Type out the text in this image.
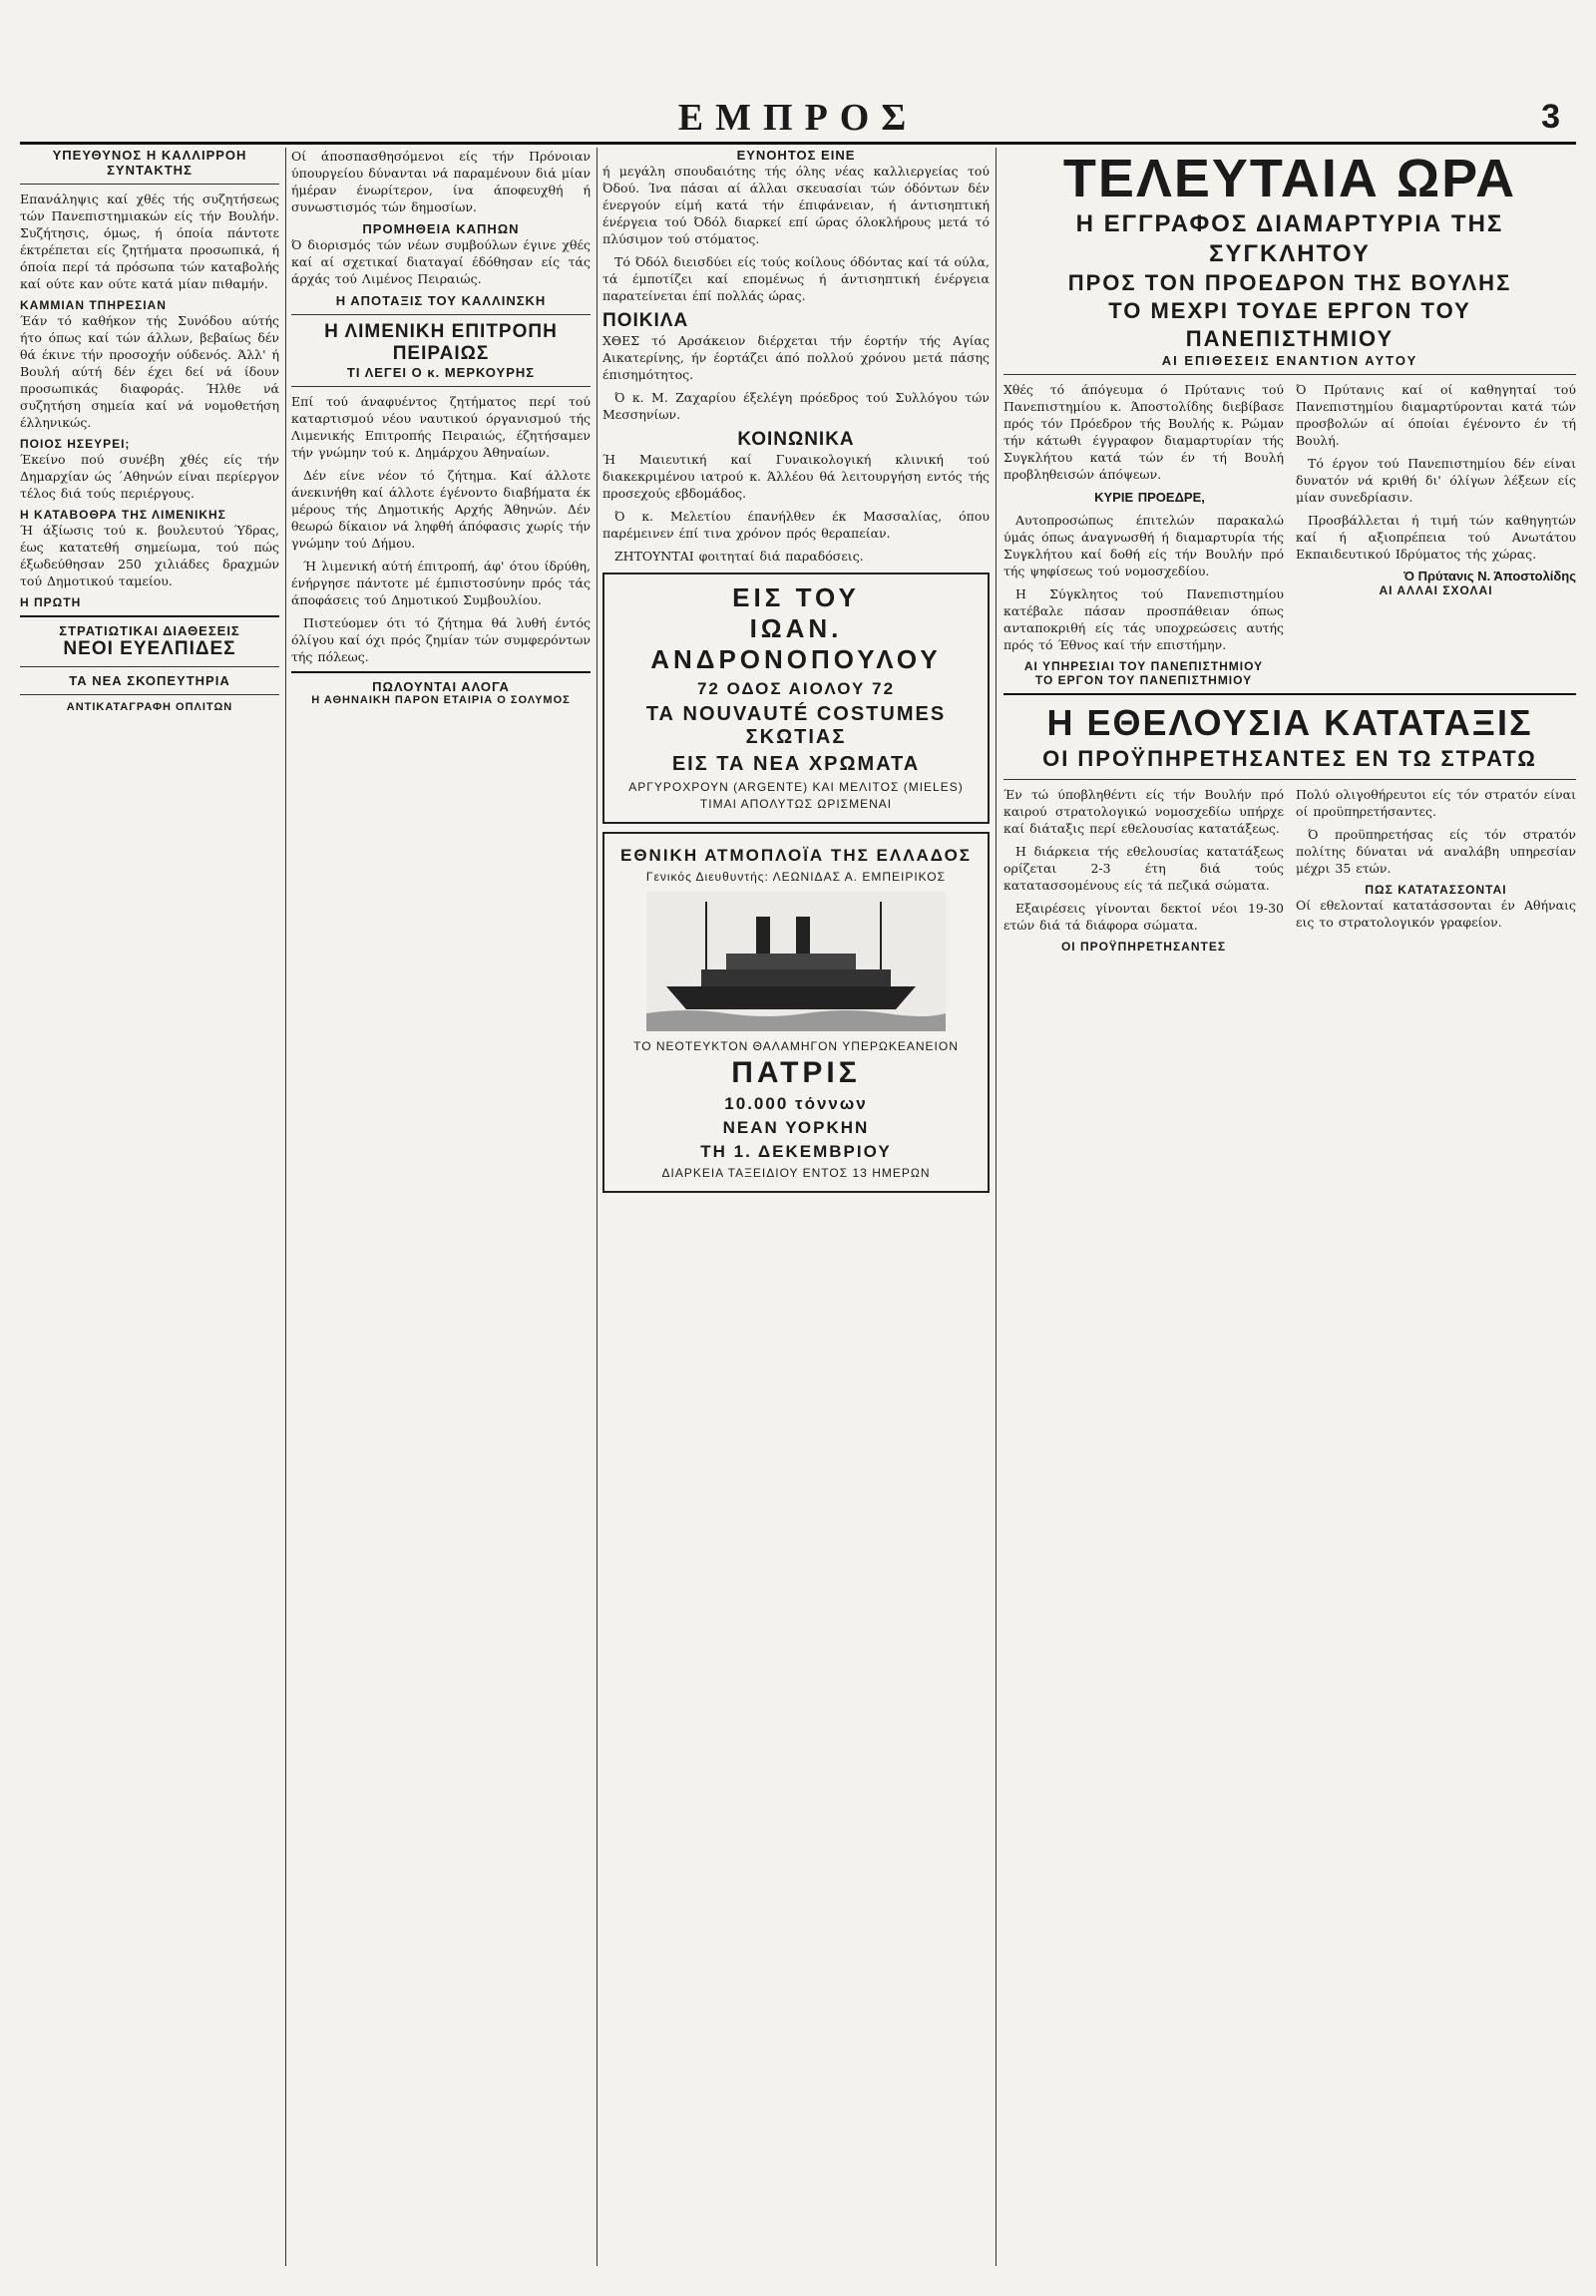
ΕΜΠΡΟΣ	3
ΥΠΕΥΘΥΝΟΣ Η ΚΑΛΛΙΡΡΟΗ ΣΥΝΤΑΚΤΗΣ

Επανάληψις καί χθές τής συζητήσεως τών Πανεπιστημιακών είς τήν Βουλήν. Συζήτησις, όμως, ή όποία πάντοτε έκτρέπεται είς ζητήματα προσωπικά, ή όποία περί τά πρόσωπα τών καταβολής καί ούτε καν ούτε κατά μίαν πιθαμήν.

ΚΑΜΜΙΑΝ ΤΠΗΡΕΣΙΑΝ

Έάν τό καθήκον τής Συνόδου αύτής ήτο όπως καί τών άλλων, βεβαίως δέν θά έκινε τήν προσοχήν ούδενός. Άλλ' ή Βουλή αύτή δέν έχει δεί νά ίδουν προσωπικάς διαφοράς. Ήλθε νά συζητήση σημεία καί νά νομοθετήση έλληνικώς.

ΠΟΙΟΣ ΗΣΕΥΡΕΙ;

Έκείνο πού συνέβη χθές είς τήν Δημαρχίαν ώς ΄Αθηνών είναι περίεργον τέλος διά τούς περιέργους.

Η ΚΑΤΑΒΟΘΡΑ ΤΗΣ ΛΙΜΕΝΙΚΗΣ

Ή άξίωσις τού κ. βουλευτού Ύδρας, έως κατατεθή σημείωμα, τού πώς έξωδεύθησαν 250 χιλιάδες δραχμών τού Δημοτικού ταμείου.

Η ΠΡΩΤΗ
ΣΤΡΑΤΙΩΤΙΚΑΙ ΔΙΑΘΕΣΕΙΣ
ΝΕΟΙ ΕΥΕΛΠΙΔΕΣ
ΤΑ ΝΕΑ ΣΚΟΠΕΥΤΗΡΙΑ
ΑΝΤΙΚΑΤΑΓΡΑΦΗ ΟΠΛΙΤΩΝ

Οί άποσπασθησόμενοι είς τήν Πρόνοιαν ύπουργείου δύνανται νά παραμένουν διά μίαν ήμέραν ένωρίτερον, ίνα άποφευχθή ή συνωστισμός τών δημοσίων.

ΠΡΟΜΗΘΕΙΑ ΚΑΠΗΩΝ

Ό διορισμός τών νέων συμβούλων έγινε χθές καί αί σχετικαί διαταγαί έδόθησαν είς τάς άρχάς τού Λιμένος Πειραιώς.

Η ΑΠΟΤΑΞΙΣ ΤΟΥ ΚΑΛΛΙΝΣΚΗ
Η ΛΙΜΕΝΙΚΗ ΕΠΙΤΡΟΠΗ ΠΕΙΡΑΙΩΣ
ΤΙ ΛΕΓΕΙ Ο κ. ΜΕΡΚΟΥΡΗΣ

Επί τού άναφυέντος ζητήματος περί τού καταρτισμού νέου ναυτικού όργανισμού τής Λιμενικής Επιτροπής Πειραιώς, έζητήσαμεν τήν γνώμην τού κ. Δημάρχου Άθηναίων.

Δέν είνε νέον τό ζήτημα. Καί άλλοτε άνεκινήθη καί άλλοτε έγένοντο διαβήματα έκ μέρους τής Δημοτικής Αρχής Άθηνών. Δέν θεωρώ δίκαιον νά ληφθή άπόφασις χωρίς τήν γνώμην τού Δήμου.

Ή λιμενική αύτή έπιτροπή, άφ' ότου ίδρύθη, ένήργησε πάντοτε μέ έμπιστοσύνην πρός τάς άποφάσεις τού Δημοτικού Συμβουλίου.

Πιστεύομεν ότι τό ζήτημα θά λυθή έντός όλίγου καί όχι πρός ζημίαν τών συμφερόντων τής πόλεως.

ΠΩΛΟΥΝΤΑΙ ΑΛΟΓΑ
Η ΑΘΗΝΑΙΚΗ ΠΑΡΟΝ ΕΤΑΙΡΙΑ Ο ΣΟΛΥΜΟΣ
ΕΥΝΟΗΤΟΣ ΕΙΝΕ

ή μεγάλη σπουδαιότης τής όλης νέας καλλιεργείας τού Όδού. Ίνα πάσαι αί άλλαι σκευασίαι τών όδόντων δέν ένεργούν είμή κατά τήν έπιφάνειαν, ή άντισηπτική ένέργεια τού Όδόλ διαρκεί επί ώρας όλοκλήρους μετά τό πλύσιμον τού στόματος.

Τό Όδόλ διεισδύει είς τούς κοίλους όδόντας καί τά ούλα, τά έμποτίζει καί επομένως ή άντισηπτική ένέργεια παρατείνεται έπί πολλάς ώρας.

ΠΟΙΚΙΛΑ

ΧΘΕΣ τό Αρσάκειον διέρχεται τήν έορτήν τής Αγίας Αικατερίνης, ήν έορτάζει άπό πολλού χρόνου μετά πάσης έπισημότητος.

Ό κ. Μ. Ζαχαρίου έξελέγη πρόεδρος τού Συλλόγου τών Μεσσηνίων.

ΚΟΙΝΩΝΙΚΑ

Ή Μαιευτική καί Γυναικολογική κλινική τού διακεκριμένου ιατρού κ. Άλλέου θά λειτουργήση εντός τής προσεχούς εβδομάδος.

Ό κ. Μελετίου έπανήλθεν έκ Μασσαλίας, όπου παρέμεινεν έπί τινα χρόνον πρός θεραπείαν.

ΖΗΤΟΥΝΤΑΙ φοιτηταί διά παραδόσεις.

ΕΙΣ ΤΟΥ
ΙΩΑΝ. ΑΝΔΡΟΝΟΠΟΥΛΟΥ
72 ΟΔΟΣ ΑΙΟΛΟΥ 72
ΤΑ NOUVAUTÉ COSTUMES ΣΚΩΤΙΑΣ
ΕΙΣ ΤΑ ΝΕΑ ΧΡΩΜΑΤΑ
ΑΡΓΥΡΟΧΡΟΥΝ (ARGENTE) ΚΑΙ ΜΕΛΙΤΟΣ (MIELES)
ΤΙΜΑΙ ΑΠΟΛΥΤΩΣ ΩΡΙΣΜΕΝΑΙ
ΕΘΝΙΚΗ ΑΤΜΟΠΛΟΪΑ ΤΗΣ ΕΛΛΑΔΟΣ
Γενικός Διευθυντής: ΛΕΩΝΙΔΑΣ Α. ΕΜΠΕΙΡΙΚΟΣ
ΤΟ ΝΕΟΤΕΥΚΤΟΝ ΘΑΛΑΜΗΓΟΝ ΥΠΕΡΩΚΕΑΝΕΙΟΝ
ΠΑΤΡΙΣ
10.000 τόννων
ΝΕΑΝ ΥΟΡΚΗΝ
ΤΗ 1. ΔΕΚΕΜΒΡΙΟΥ
ΔΙΑΡΚΕΙΑ ΤΑΞΕΙΔΙΟΥ ΕΝΤΟΣ 13 ΗΜΕΡΩΝ
ΤΕΛΕΥΤΑΙΑ ΩΡΑ
Η ΕΓΓΡΑΦΟΣ ΔΙΑΜΑΡΤΥΡΙΑ ΤΗΣ ΣΥΓΚΛΗΤΟΥ
ΠΡΟΣ ΤΟΝ ΠΡΟΕΔΡΟΝ ΤΗΣ ΒΟΥΛΗΣ
ΤΟ ΜΕΧΡΙ ΤΟΥΔΕ ΕΡΓΟΝ ΤΟΥ ΠΑΝΕΠΙΣΤΗΜΙΟΥ
ΑΙ ΕΠΙΘΕΣΕΙΣ ΕΝΑΝΤΙΟΝ ΑΥΤΟΥ

Χθές τό άπόγευμα ό Πρύτανις τού Πανεπιστημίου κ. Άποστολίδης διεβίβασε πρός τόν Πρόεδρον τής Βουλής κ. Ρώμαν τήν κάτωθι έγγραφον διαμαρτυρίαν τής Συγκλήτου κατά τών έν τή Βουλή προβληθεισών άπόψεων.

ΚΥΡΙΕ ΠΡΟΕΔΡΕ,

Αυτοπροσώπως έπιτελών παρακαλώ ύμάς όπως άναγνωσθή ή διαμαρτυρία τής Συγκλήτου καί δοθή είς τήν Βουλήν πρό τής ψηφίσεως τού νομοσχεδίου.

Η Σύγκλητος τού Πανεπιστημίου κατέβαλε πάσαν προσπάθειαν όπως ανταποκριθή είς τάς υποχρεώσεις αυτής πρός τό Έθνος καί τήν επιστήμην.

ΑΙ ΥΠΗΡΕΣΙΑΙ ΤΟΥ ΠΑΝΕΠΙΣΤΗΜΙΟΥ
ΤΟ ΕΡΓΟΝ ΤΟΥ ΠΑΝΕΠΙΣΤΗΜΙΟΥ

Ό Πρύτανις καί οί καθηγηταί τού Πανεπιστημίου διαμαρτύρονται κατά τών προσβολών αί όποίαι έγένοντο έν τή Βουλή.

Τό έργον τού Πανεπιστημίου δέν είναι δυνατόν νά κριθή δι' όλίγων λέξεων είς μίαν συνεδρίασιν.

Προσβάλλεται ή τιμή τών καθηγητών καί ή αξιοπρέπεια τού Ανωτάτου Εκπαιδευτικού Ιδρύματος τής χώρας.

Ό Πρύτανις Ν. Άποστολίδης
ΑΙ ΑΛΛΑΙ ΣΧΟΛΑΙ
Η ΕΘΕΛΟΥΣΙΑ ΚΑΤΑΤΑΞΙΣ
ΟΙ ΠΡΟΫΠΗΡΕΤΗΣΑΝΤΕΣ ΕΝ ΤΩ ΣΤΡΑΤΩ

Έν τώ ύποβληθέντι είς τήν Βουλήν πρό καιρού στρατολογικώ νομοσχεδίω υπήρχε καί διάταξις περί εθελουσίας κατατάξεως.

Η διάρκεια τής εθελουσίας κατατάξεως ορίζεται 2-3 έτη διά τούς κατατασσομένους είς τά πεζικά σώματα.

Εξαιρέσεις γίνονται δεκτοί νέοι 19-30 ετών διά τά διάφορα σώματα.

ΟΙ ΠΡΟΫΠΗΡΕΤΗΣΑΝΤΕΣ

Πολύ ολιγοθήρευτοι είς τόν στρατόν είναι οί προϋπηρετήσαντες.

Ό προϋπηρετήσας είς τόν στρατόν πολίτης δύναται νά αναλάβη υπηρεσίαν μέχρι 35 ετών.

ΠΩΣ ΚΑΤΑΤΑΣΣΟΝΤΑΙ

Οί εθελονταί κατατάσσονται έν Αθήναις εις το στρατολογικόν γραφείον.
